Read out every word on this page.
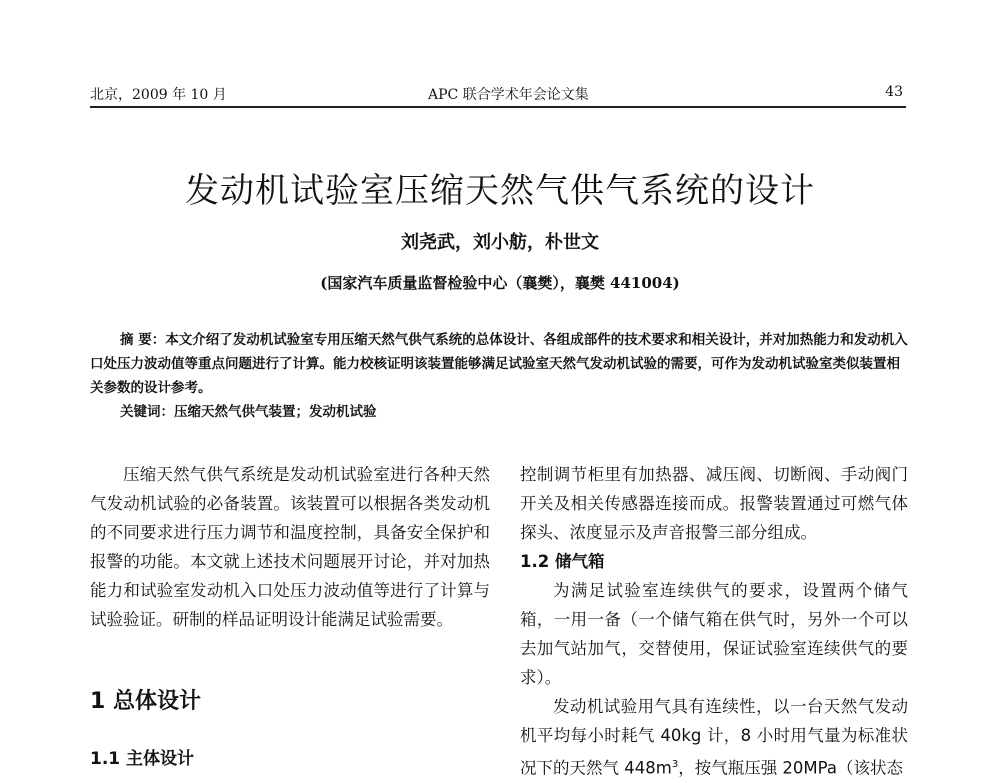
北京，2009 年 10 月	APC 联合学术年会论文集	43
发动机试验室压缩天然气供气系统的设计
刘尧武，刘小舫，朴世文
(国家汽车质量监督检验中心（襄樊），襄樊 441004)

摘 要：本文介绍了发动机试验室专用压缩天然气供气系统的总体设计、各组成部件的技术要求和相关设计，并对加热能力和发动机入口处压力波动值等重点问题进行了计算。能力校核证明该装置能够满足试验室天然气发动机试验的需要，可作为发动机试验室类似装置相关参数的设计参考。

关键词：压缩天然气供气装置；发动机试验

压缩天然气供气系统是发动机试验室进行各种天然气发动机试验的必备装置。该装置可以根据各类发动机的不同要求进行压力调节和温度控制，具备安全保护和报警的功能。本文就上述技术问题展开讨论，并对加热能力和试验室发动机入口处压力波动值等进行了计算与试验验证。研制的样品证明设计能满足试验需要。

1 总体设计
1.1 主体设计

控制调节柜里有加热器、减压阀、切断阀、手动阀门开关及相关传感器连接而成。报警装置通过可燃气体探头、浓度显示及声音报警三部分组成。

1.2 储气箱

为满足试验室连续供气的要求，设置两个储气箱，一用一备（一个储气箱在供气时，另外一个可以去加气站加气，交替使用，保证试验室连续供气的要求）。

发动机试验用气具有连续性，以一台天然气发动机平均每小时耗气 40kg 计，8 小时用气量为标准状况下的天然气 $448m^3$，按气瓶压强 20MPa（该状态
